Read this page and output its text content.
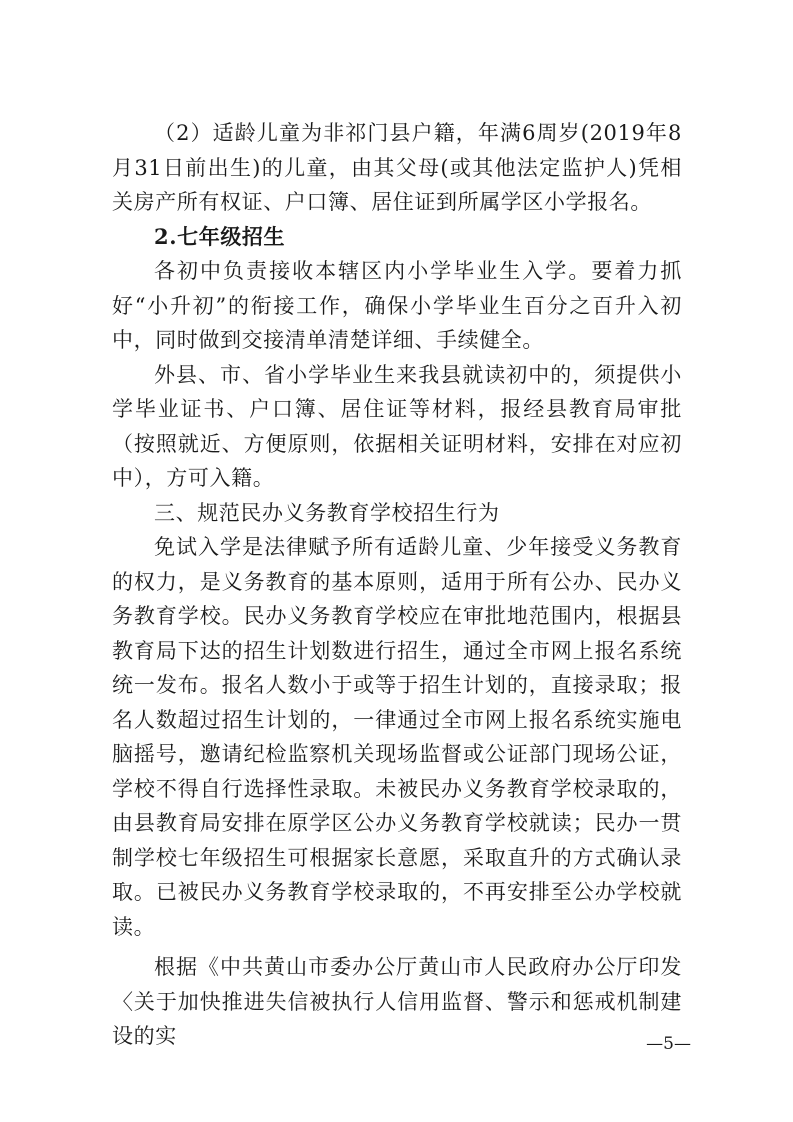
（2）适龄儿童为非祁门县户籍，年满6周岁(2019年8月31日前出生)的儿童，由其父母(或其他法定监护人)凭相关房产所有权证、户口簿、居住证到所属学区小学报名。

2.七年级招生

各初中负责接收本辖区内小学毕业生入学。要着力抓好“小升初”的衔接工作，确保小学毕业生百分之百升入初中，同时做到交接清单清楚详细、手续健全。

外县、市、省小学毕业生来我县就读初中的，须提供小学毕业证书、户口簿、居住证等材料，报经县教育局审批（按照就近、方便原则，依据相关证明材料，安排在对应初中），方可入籍。

三、规范民办义务教育学校招生行为

免试入学是法律赋予所有适龄儿童、少年接受义务教育的权力，是义务教育的基本原则，适用于所有公办、民办义务教育学校。民办义务教育学校应在审批地范围内，根据县教育局下达的招生计划数进行招生，通过全市网上报名系统统一发布。报名人数小于或等于招生计划的，直接录取；报名人数超过招生计划的，一律通过全市网上报名系统实施电脑摇号，邀请纪检监察机关现场监督或公证部门现场公证，学校不得自行选择性录取。未被民办义务教育学校录取的，由县教育局安排在原学区公办义务教育学校就读；民办一贯制学校七年级招生可根据家长意愿，采取直升的方式确认录取。已被民办义务教育学校录取的，不再安排至公办学校就读。

根据《中共黄山市委办公厅黄山市人民政府办公厅印发〈关于加快推进失信被执行人信用监督、警示和惩戒机制建设的实	—5—
